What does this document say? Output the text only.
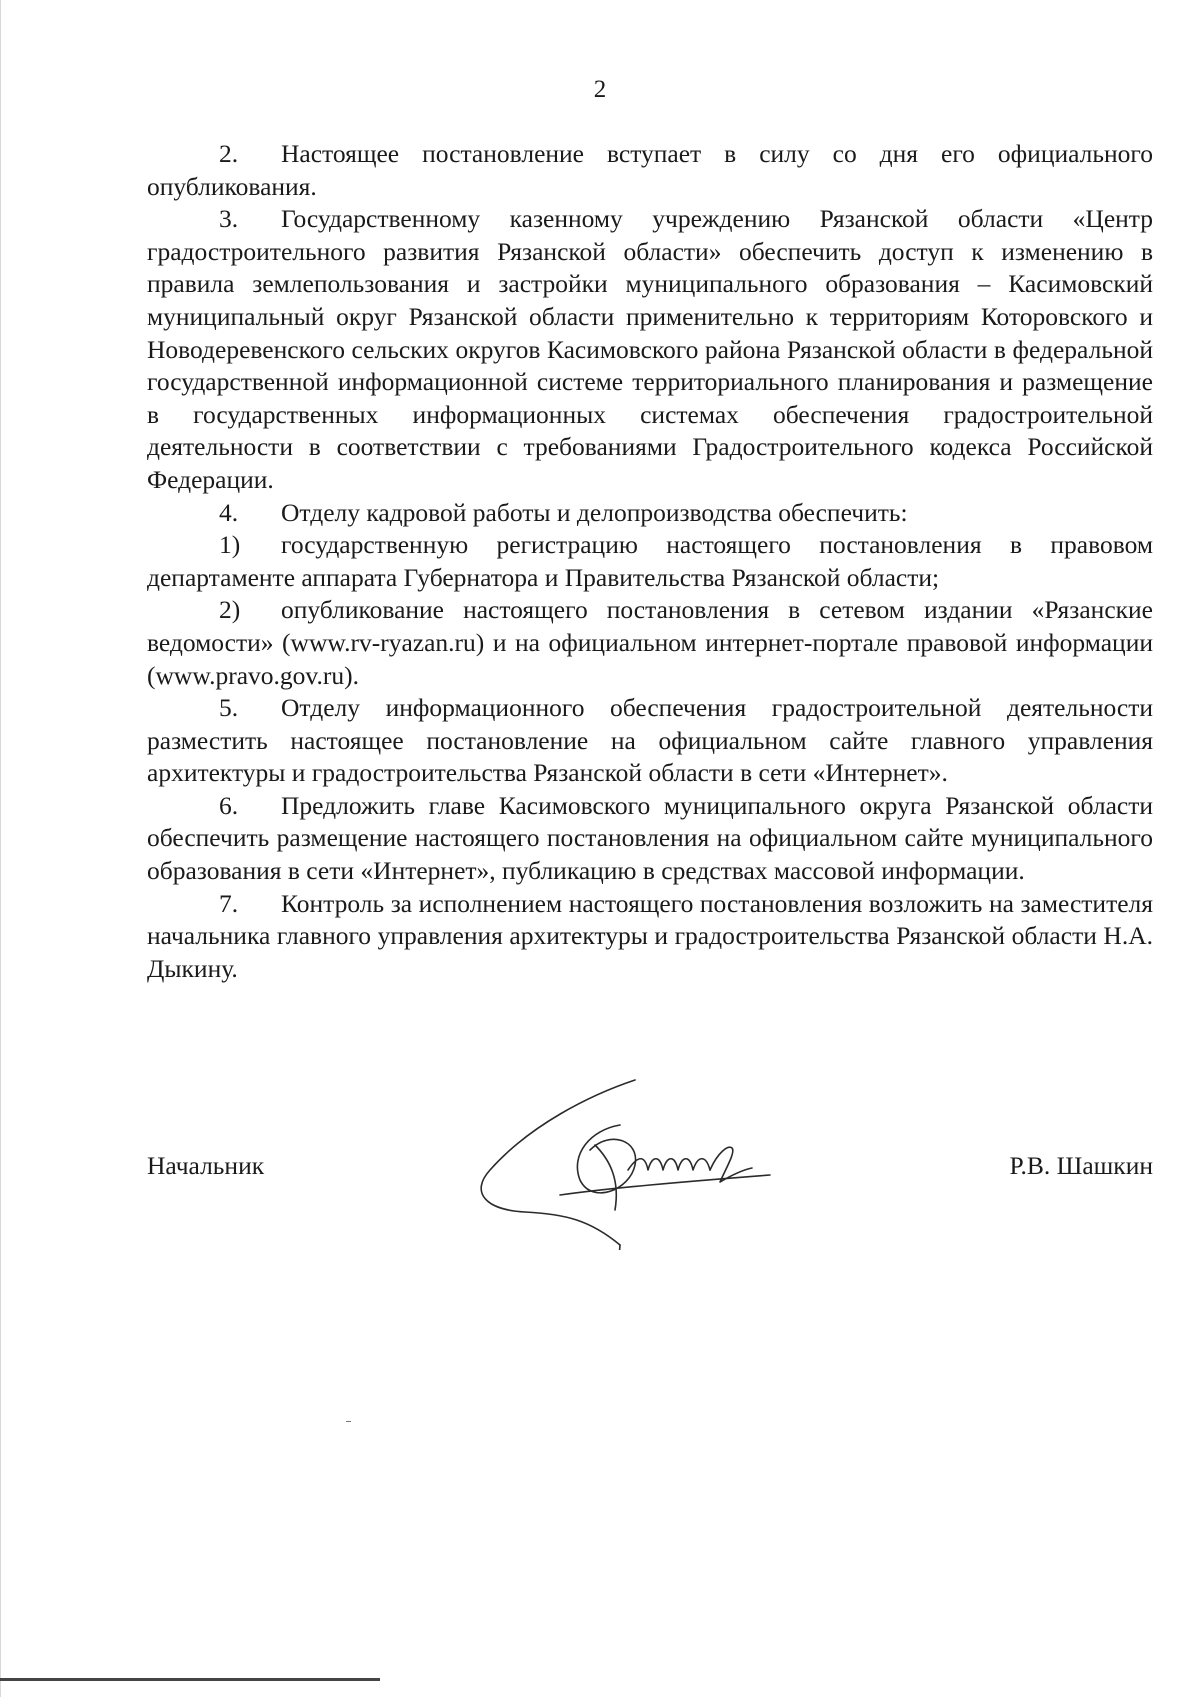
2

2. Настоящее постановление вступает в силу со дня его официального опубликования.

3. Государственному казенному учреждению Рязанской области «Центр градостроительного развития Рязанской области» обеспечить доступ к изменению в правила землепользования и застройки муниципального образования – Касимовский муниципальный округ Рязанской области применительно к территориям Которовского и Новодеревенского сельских округов Касимовского района Рязанской области в федеральной государственной информационной системе территориального планирования и размещение в государственных информационных системах обеспечения градостроительной деятельности в соответствии с требованиями Градостроительного кодекса Российской Федерации.

4. Отделу кадровой работы и делопроизводства обеспечить:

1) государственную регистрацию настоящего постановления в правовом департаменте аппарата Губернатора и Правительства Рязанской области;

2) опубликование настоящего постановления в сетевом издании «Рязанские ведомости» (www.rv-ryazan.ru) и на официальном интернет-портале правовой информации (www.pravo.gov.ru).

5. Отделу информационного обеспечения градостроительной деятельности разместить настоящее постановление на официальном сайте главного управления архитектуры и градостроительства Рязанской области в сети «Интернет».

6. Предложить главе Касимовского муниципального округа Рязанской области обеспечить размещение настоящего постановления на официальном сайте муниципального образования в сети «Интернет», публикацию в средствах массовой информации.

7. Контроль за исполнением настоящего постановления возложить на заместителя начальника главного управления архитектуры и градостроительства Рязанской области Н.А. Дыкину.

Начальник	Р.В. Шашкин
